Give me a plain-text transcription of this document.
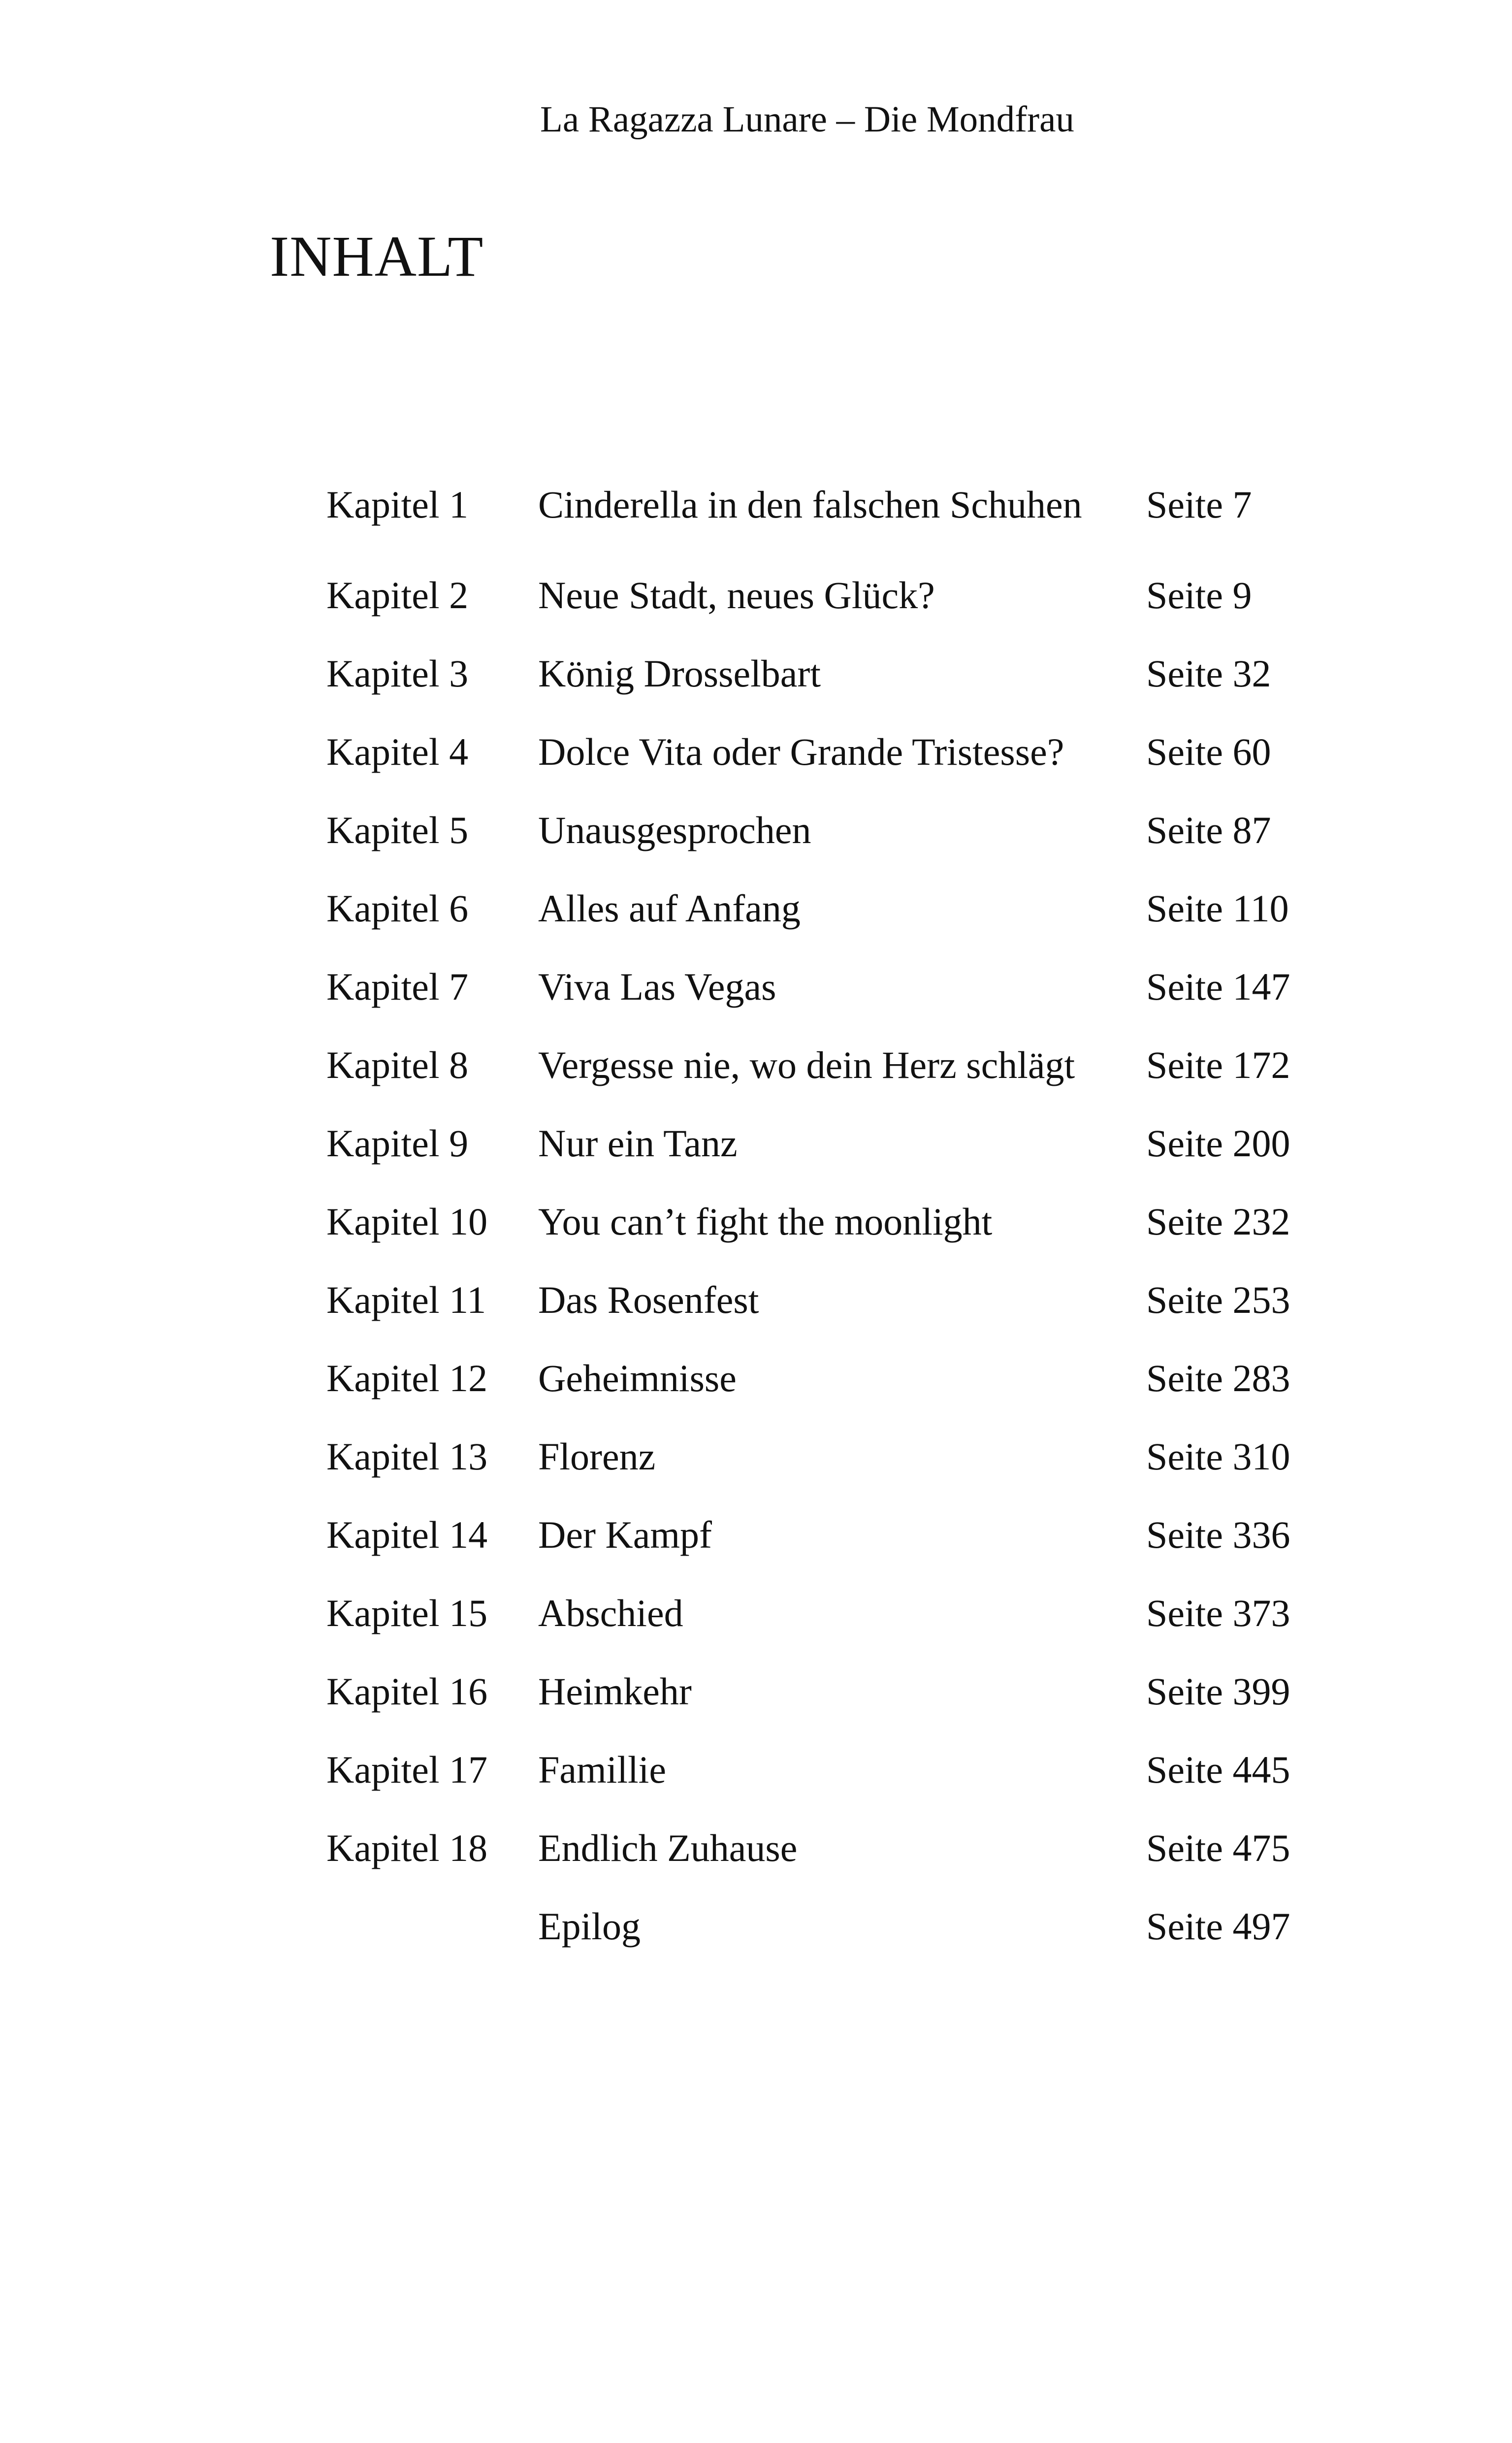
La Ragazza Lunare – Die Mondfrau
INHALT
Kapitel 1 Cinderella in den falschen Schuhen Seite 7
Kapitel 2 Neue Stadt, neues Glück?	Seite 9
Kapitel 3 König Drosselbart	Seite 32
Kapitel 4 Dolce Vita oder Grande Tristesse? Seite 60
Kapitel 5 Unausgesprochen	Seite 87
Kapitel 6 Alles auf Anfang	Seite 110
Kapitel 7 Viva Las Vegas	Seite 147
Kapitel 8 Vergesse nie, wo dein Herz schlägt Seite 172
Kapitel 9 Nur ein Tanz	Seite 200
Kapitel 10 You can’t fight the moonlight	Seite 232
Kapitel 11 Das Rosenfest	Seite 253
Kapitel 12 Geheimnisse	Seite 283
Kapitel 13 Florenz	Seite 310
Kapitel 14 Der Kampf	Seite 336
Kapitel 15 Abschied	Seite 373
Kapitel 16 Heimkehr	Seite 399
Kapitel 17 Famillie	Seite 445
Kapitel 18 Endlich Zuhause	Seite 475
Epilog	Seite 497
